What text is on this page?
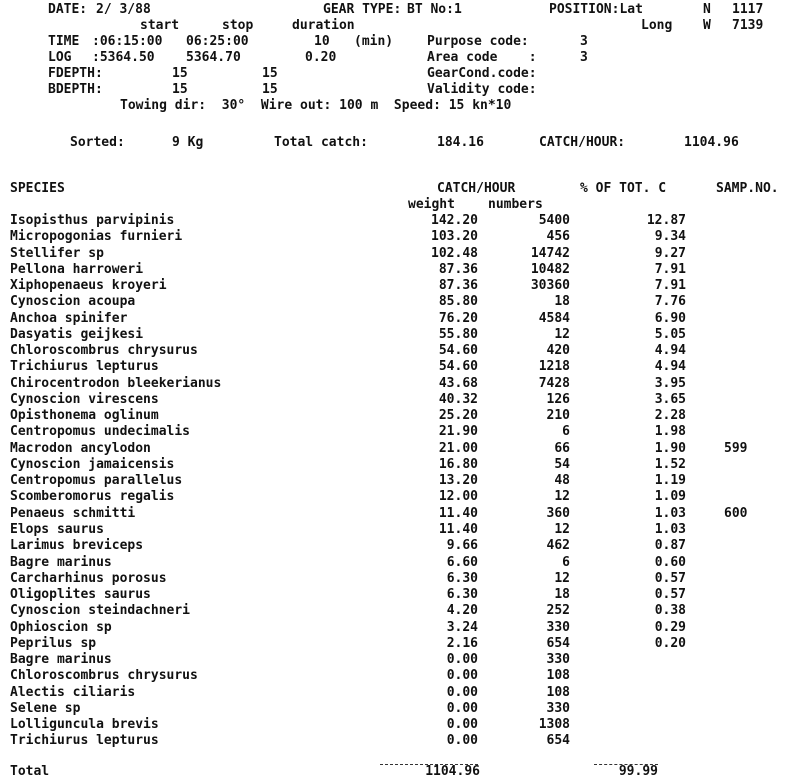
DATE: 2/ 3/88	GEAR TYPE: BT No:1	POSITION:Lat	N 1117
start	stop	duration	Long W 7139
TIME :06:15:00 06:25:00	10 (min)	Purpose code:	3
LOG :5364.50 5364.70	0.20	Area code    :	3
FDEPTH:	15	15	GearCond.code:
BDEPTH:	15	15	Validity code:
Towing dir:  30°  Wire out: 100 m  Speed: 15 kn*10
Sorted:	9 Kg	Total catch:	184.16	CATCH/HOUR:	1104.96
SPECIES	CATCH/HOUR	% OF TOT. C	SAMP.NO.
weight	numbers
Isopisthus parvipinis	142.20	5400	12.87
Micropogonias furnieri	103.20	456	9.34
Stellifer sp	102.48	14742	9.27
Pellona harroweri	87.36	10482	7.91
Xiphopenaeus kroyeri	87.36	30360	7.91
Cynoscion acoupa	85.80	18	7.76
Anchoa spinifer	76.20	4584	6.90
Dasyatis geijkesi	55.80	12	5.05
Chloroscombrus chrysurus	54.60	420	4.94
Trichiurus lepturus	54.60	1218	4.94
Chirocentrodon bleekerianus	43.68	7428	3.95
Cynoscion virescens	40.32	126	3.65
Opisthonema oglinum	25.20	210	2.28
Centropomus undecimalis	21.90	6	1.98
Macrodon ancylodon	21.00	66	1.90	599
Cynoscion jamaicensis	16.80	54	1.52
Centropomus parallelus	13.20	48	1.19
Scomberomorus regalis	12.00	12	1.09
Penaeus schmitti	11.40	360	1.03	600
Elops saurus	11.40	12	1.03
Larimus breviceps	9.66	462	0.87
Bagre marinus	6.60	6	0.60
Carcharhinus porosus	6.30	12	0.57
Oligoplites saurus	6.30	18	0.57
Cynoscion steindachneri	4.20	252	0.38
Ophioscion sp	3.24	330	0.29
Peprilus sp	2.16	654	0.20
Bagre marinus	0.00	330
Chloroscombrus chrysurus	0.00	108
Alectis ciliaris	0.00	108
Selene sp	0.00	330
Lolliguncula brevis	0.00	1308
Trichiurus lepturus	0.00	654
Total	1104.96	99.99
